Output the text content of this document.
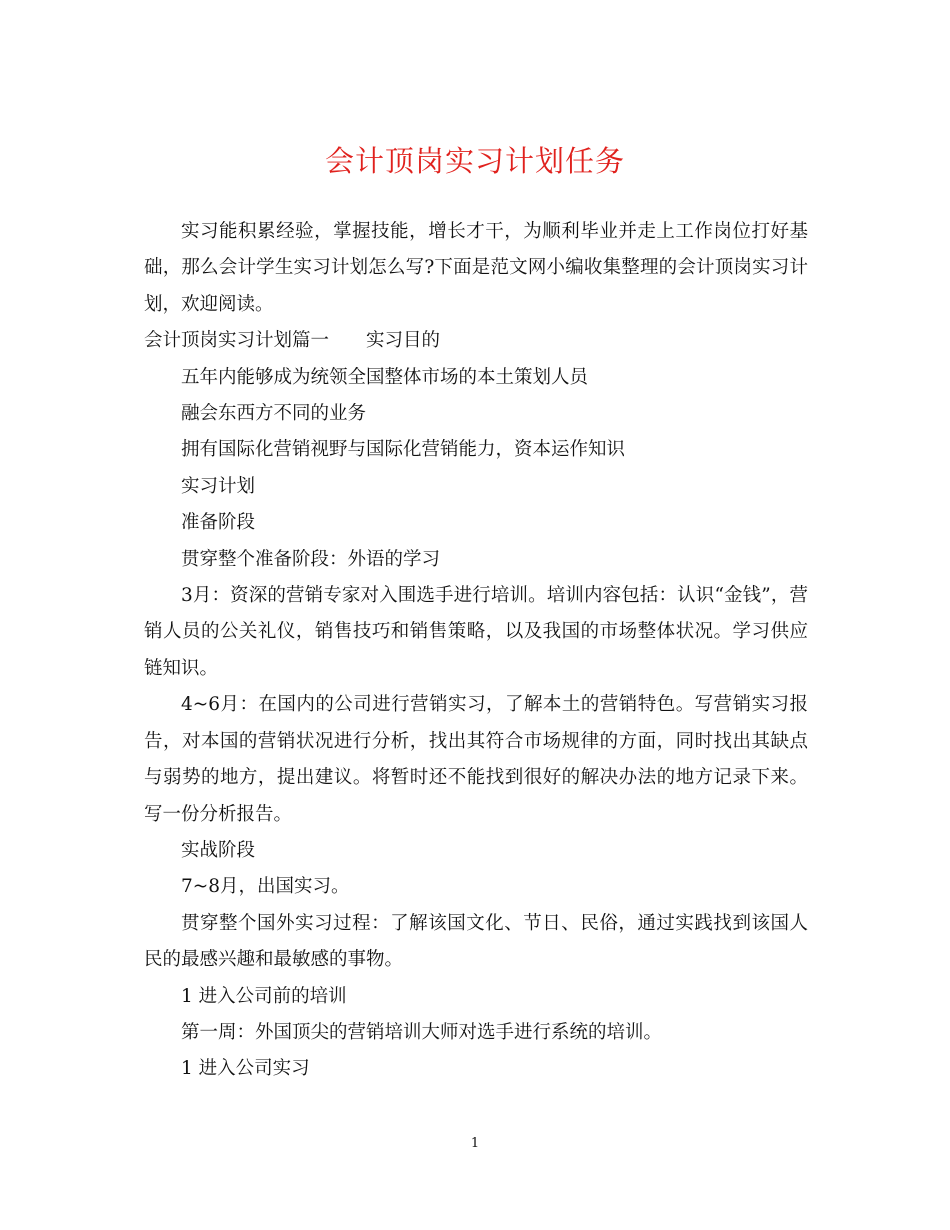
会计顶岗实习计划任务

实习能积累经验，掌握技能，增长才干，为顺利毕业并走上工作岗位打好基础，那么会计学生实习计划怎么写?下面是范文网小编收集整理的会计顶岗实习计划，欢迎阅读。

会计顶岗实习计划篇一　　实习目的

五年内能够成为统领全国整体市场的本土策划人员

融会东西方不同的业务

拥有国际化营销视野与国际化营销能力，资本运作知识

实习计划

准备阶段

贯穿整个准备阶段：外语的学习

3月：资深的营销专家对入围选手进行培训。培训内容包括：认识“金钱”，营销人员的公关礼仪，销售技巧和销售策略，以及我国的市场整体状况。学习供应链知识。

4~6月：在国内的公司进行营销实习，了解本土的营销特色。写营销实习报告，对本国的营销状况进行分析，找出其符合市场规律的方面，同时找出其缺点与弱势的地方，提出建议。将暂时还不能找到很好的解决办法的地方记录下来。写一份分析报告。

实战阶段

7~8月，出国实习。

贯穿整个国外实习过程：了解该国文化、节日、民俗，通过实践找到该国人民的最感兴趣和最敏感的事物。

1 进入公司前的培训

第一周：外国顶尖的营销培训大师对选手进行系统的培训。

1 进入公司实习

1
